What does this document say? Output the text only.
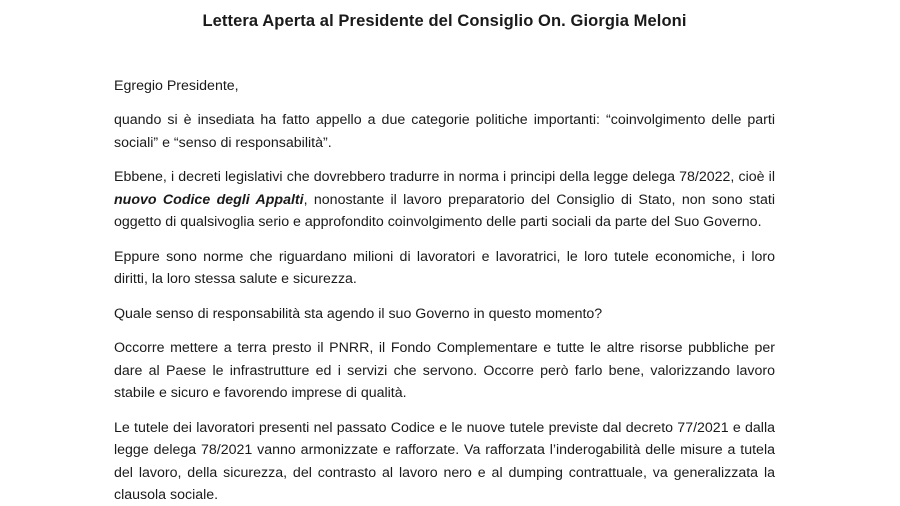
Lettera Aperta al Presidente del Consiglio On. Giorgia Meloni

Egregio Presidente,

quando si è insediata ha fatto appello a due categorie politiche importanti: “coinvolgimento delle parti sociali” e “senso di responsabilità”.

Ebbene, i decreti legislativi che dovrebbero tradurre in norma i principi della legge delega 78/2022, cioè il nuovo Codice degli Appalti, nonostante il lavoro preparatorio del Consiglio di Stato, non sono stati oggetto di qualsivoglia serio e approfondito coinvolgimento delle parti sociali da parte del Suo Governo.

Eppure sono norme che riguardano milioni di lavoratori e lavoratrici, le loro tutele economiche, i loro diritti, la loro stessa salute e sicurezza.

Quale senso di responsabilità sta agendo il suo Governo in questo momento?

Occorre mettere a terra presto il PNRR, il Fondo Complementare e tutte le altre risorse pubbliche per dare al Paese le infrastrutture ed i servizi che servono. Occorre però farlo bene, valorizzando lavoro stabile e sicuro e favorendo imprese di qualità.

Le tutele dei lavoratori presenti nel passato Codice e le nuove tutele previste dal decreto 77/2021 e dalla legge delega 78/2021 vanno armonizzate e rafforzate. Va rafforzata l’inderogabilità delle misure a tutela del lavoro, della sicurezza, del contrasto al lavoro nero e al dumping contrattuale, va generalizzata la clausola sociale.
